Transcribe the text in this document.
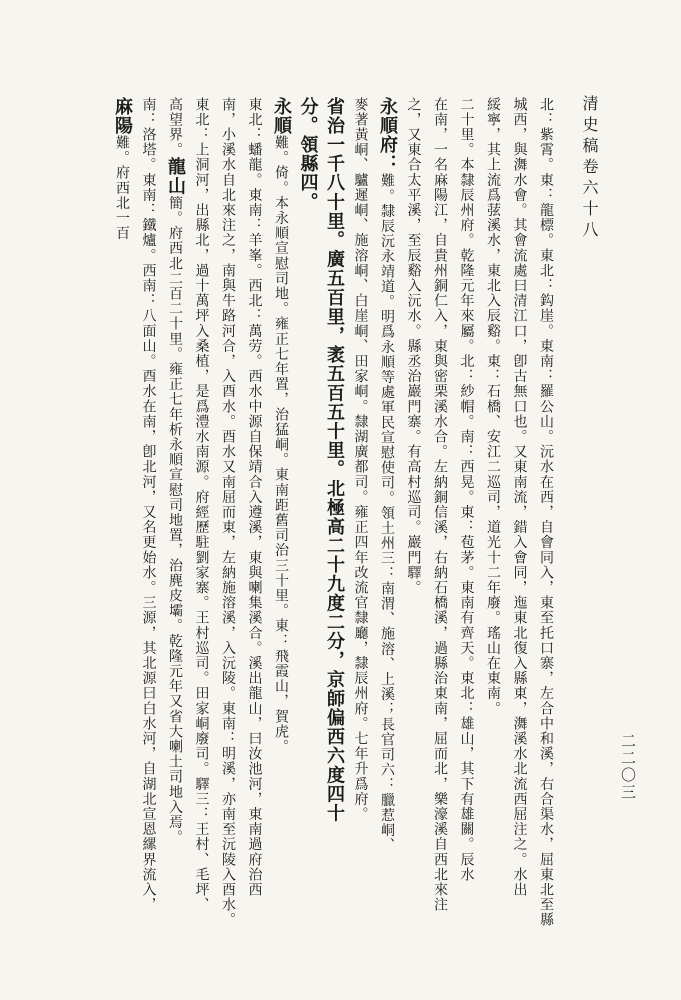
清史稿卷六十八
北：紫霄。東：龍標。東北：鈎崖。東南：羅公山。沅水在西，自會同入，東至托口寨，左合中和溪，右合渠水，屈東北至縣
城西，與㵲水會。其會流處曰清江口，卽古無口也。又東南流，錯入會同，迤東北復入縣東，㵲溪水北流西屈注之。水出
綏寧，其上流爲𦱁溪水，東北入辰谿。東：石橋、安江二巡司，道光十二年廢。瑤山在東南。
二十里。本隸辰州府。乾隆元年來屬。北：紗帽。南：西晃。東：苞茅。東南有齊天。東北：雄山，其下有雄關。辰水
在南，一名麻陽江，自貴州銅仁入，東與密栗溪水合。左納銅信溪，右納石橋溪，過縣治東南，屈而北，樂濠溪自西北來注
之，又東合太平溪，至辰谿入沅水。縣丞治巖門寨。有高村巡司。巖門驛。
永順府：難。隸辰沅永靖道。明爲永順等處軍民宣慰使司。領土州三：南渭、施溶、上溪；長官司六：臘惹峒、
麥著黃峒、驢遲峒、施溶峒、白崖峒、田家峒。隸湖廣都司。雍正四年改流官隸廳，隸辰州府。七年升爲府。
省治一千八十里。廣五百里，袤五百五十里。北極高二十九度二分，京師偏西六度四十
分。領縣四。
永順難。倚。本永順宣慰司地。雍正七年置，治猛峒。東南距舊司治三十里。東：飛霞山，賀虎。
東北：蟠龍。東南：羊峯。西北：萬劳。西水中源自保靖合入遵溪，東與喇集溪合。溪出龍山，曰汝池河，東南過府治西
南，小溪水自北來注之，南與牛路河合，入酉水。酉水又南屈而東，左納施溶溪，入沅陵。東南：明溪，亦南至沅陵入酉水。
東北：上洞河，出縣北，過十萬坪入桑植，是爲澧水南源。府經歷駐劉家寨。王村巡司。田家峒廢司。驛三：王村、毛坪、
高望界。龍山簡。府西北二百二十里。雍正七年析永順宣慰司地置，治麂皮壩。乾隆元年又省大喇土司地入焉。
南：洛塔。東南：鐵爐。西南：八面山。酉水在南，卽北河，又名更始水。三源，其北源曰白水河，自湖北宣恩縲界流入，
麻陽難。府西北一百
二二〇三
